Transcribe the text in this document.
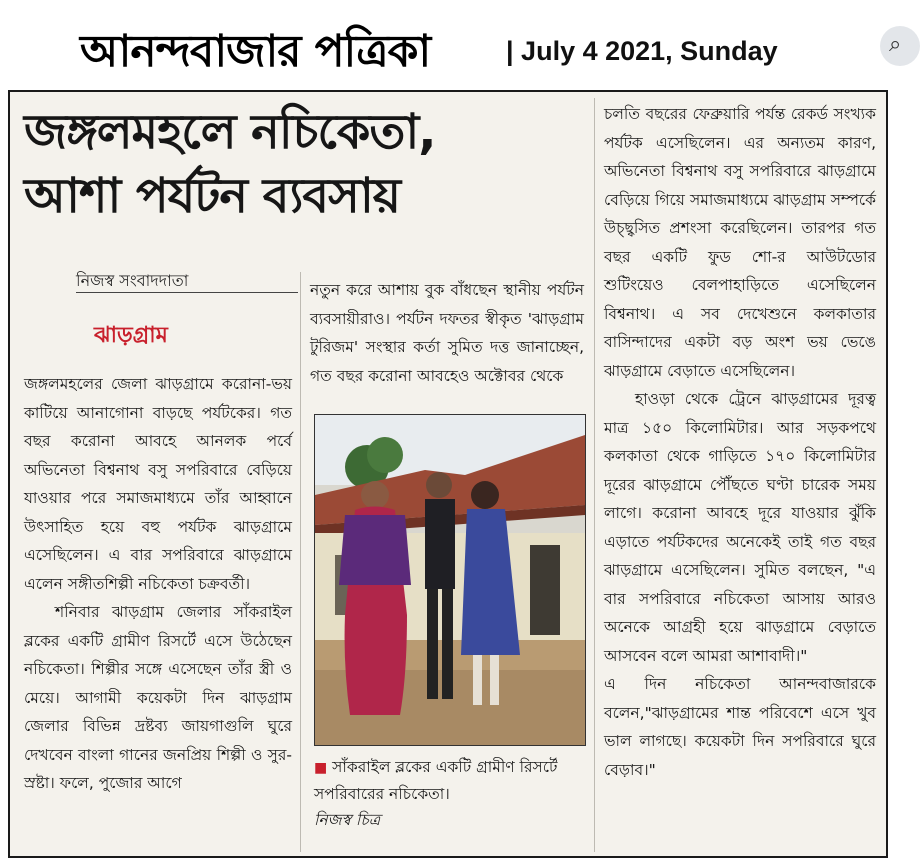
আনন্দবাজার পত্রিকা	| July 4 2021, Sunday	⌕
জঙ্গলমহলে নচিকেতা,
আশা পর্যটন ব্যবসায়
নিজস্ব সংবাদদাতা
ঝাড়গ্রাম

জঙ্গলমহলের জেলা ঝাড়গ্রামে করোনা-ভয় কাটিয়ে আনাগোনা বাড়ছে পর্যটকের। গত বছর করোনা আবহে আনলক পর্বে অভিনেতা বিশ্বনাথ বসু সপরিবারে বেড়িয়ে যাওয়ার পরে সমাজমাধ্যমে তাঁর আহ্বানে উৎসাহিত হয়ে বহু পর্যটক ঝাড়গ্রামে এসেছিলেন। এ বার সপরিবারে ঝাড়গ্রামে এলেন সঙ্গীতশিল্পী নচিকেতা চক্রবর্তী।

শনিবার ঝাড়গ্রাম জেলার সাঁকরাইল ব্লকের একটি গ্রামীণ রিসর্টে এসে উঠেছেন নচিকেতা। শিল্পীর সঙ্গে এসেছেন তাঁর স্ত্রী ও মেয়ে। আগামী কয়েকটা দিন ঝাড়গ্রাম জেলার বিভিন্ন দ্রষ্টব্য জায়গাগুলি ঘুরে দেখবেন বাংলা গানের জনপ্রিয় শিল্পী ও সুর-স্রষ্টা। ফলে, পুজোর আগে

নতুন করে আশায় বুক বাঁধছেন স্থানীয় পর্যটন ব্যবসায়ীরাও। পর্যটন দফতর স্বীকৃত 'ঝাড়গ্রাম টুরিজম' সংস্থার কর্তা সুমিত দত্ত জানাচ্ছেন, গত বছর করোনা আবহেও অক্টোবর থেকে

■ সাঁকরাইল ব্লকের একটি গ্রামীণ রিসর্টে সপরিবারের নচিকেতা।
নিজস্ব চিত্র

চলতি বছরের ফেব্রুয়ারি পর্যন্ত রেকর্ড সংখ্যক পর্যটক এসেছিলেন। এর অন্যতম কারণ, অভিনেতা বিশ্বনাথ বসু সপরিবারে ঝাড়গ্রামে বেড়িয়ে গিয়ে সমাজমাধ্যমে ঝাড়গ্রাম সম্পর্কে উচ্ছ্বসিত প্রশংসা করেছিলেন। তারপর গত বছর একটি ফুড শো-র আউটডোর শুটিংয়েও বেলপাহাড়িতে এসেছিলেন বিশ্বনাথ। এ সব দেখেশুনে কলকাতার বাসিন্দাদের একটা বড় অংশ ভয় ভেঙে ঝাড়গ্রামে বেড়াতে এসেছিলেন।

হাওড়া থেকে ট্রেনে ঝাড়গ্রামের দূরত্ব মাত্র ১৫০ কিলোমিটার। আর সড়কপথে কলকাতা থেকে গাড়িতে ১৭০ কিলোমিটার দূরের ঝাড়গ্রামে পৌঁছতে ঘণ্টা চারেক সময় লাগে। করোনা আবহে দূরে যাওয়ার ঝুঁকি এড়াতে পর্যটকদের অনেকেই তাই গত বছর ঝাড়গ্রামে এসেছিলেন। সুমিত বলছেন, "এ বার সপরিবারে নচিকেতা আসায় আরও অনেকে আগ্রহী হয়ে ঝাড়গ্রামে বেড়াতে আসবেন বলে আমরা আশাবাদী।"

এ দিন নচিকেতা আনন্দবাজারকে বলেন,"ঝাড়গ্রামের শান্ত পরিবেশে এসে খুব ভাল লাগছে। কয়েকটা দিন সপরিবারে ঘুরে বেড়াব।"
